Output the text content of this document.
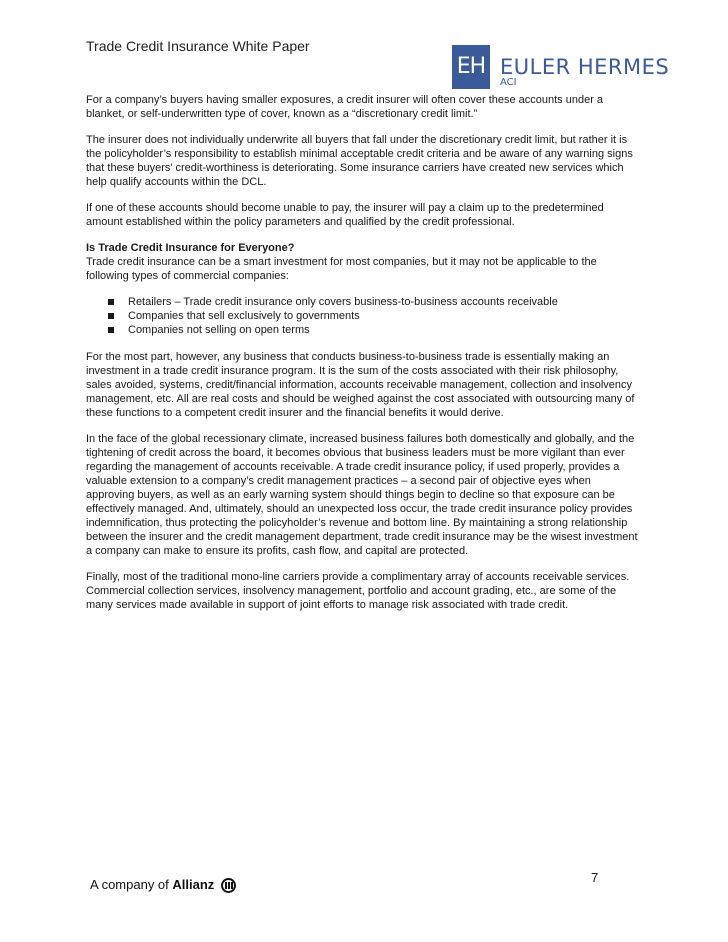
Trade Credit Insurance White Paper
EH EULER HERMES
ACI

For a company’s buyers having smaller exposures, a credit insurer will often cover these accounts under a blanket, or self-underwritten type of cover, known as a “discretionary credit limit.”

The insurer does not individually underwrite all buyers that fall under the discretionary credit limit, but rather it is the policyholder’s responsibility to establish minimal acceptable credit criteria and be aware of any warning signs that these buyers’ credit-worthiness is deteriorating. Some insurance carriers have created new services which help qualify accounts within the DCL.

If one of these accounts should become unable to pay, the insurer will pay a claim up to the predetermined amount established within the policy parameters and qualified by the credit professional.

Is Trade Credit Insurance for Everyone?
Trade credit insurance can be a smart investment for most companies, but it may not be applicable to the following types of commercial companies:

Retailers – Trade credit insurance only covers business-to-business accounts receivable
Companies that sell exclusively to governments
Companies not selling on open terms

For the most part, however, any business that conducts business-to-business trade is essentially making an investment in a trade credit insurance program. It is the sum of the costs associated with their risk philosophy, sales avoided, systems, credit/financial information, accounts receivable management, collection and insolvency management, etc. All are real costs and should be weighed against the cost associated with outsourcing many of these functions to a competent credit insurer and the financial benefits it would derive.

In the face of the global recessionary climate, increased business failures both domestically and globally, and the tightening of credit across the board, it becomes obvious that business leaders must be more vigilant than ever regarding the management of accounts receivable. A trade credit insurance policy, if used properly, provides a valuable extension to a company’s credit management practices – a second pair of objective eyes when approving buyers, as well as an early warning system should things begin to decline so that exposure can be effectively managed. And, ultimately, should an unexpected loss occur, the trade credit insurance policy provides indemnification, thus protecting the policyholder’s revenue and bottom line. By maintaining a strong relationship between the insurer and the credit management department, trade credit insurance may be the wisest investment a company can make to ensure its profits, cash flow, and capital are protected.

Finally, most of the traditional mono-line carriers provide a complimentary array of accounts receivable services. Commercial collection services, insolvency management, portfolio and account grading, etc., are some of the many services made available in support of joint efforts to manage risk associated with trade credit.

7
A company of Allianz
